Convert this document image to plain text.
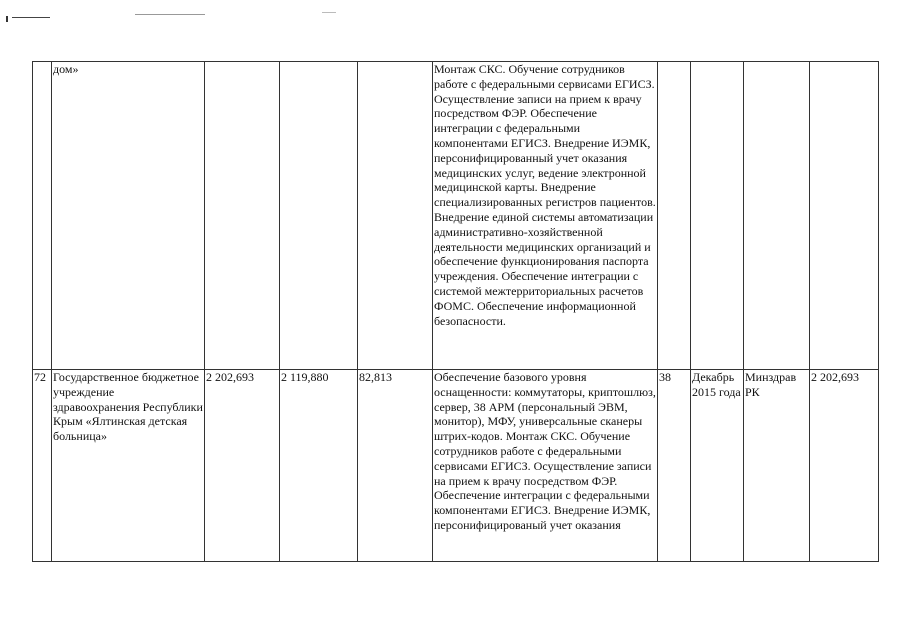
	дом»				Монтаж СКС. Обучение сотрудников работе с федеральными сервисами ЕГИСЗ. Осуществление записи на прием к врачу посредством ФЭР. Обеспечение интеграции с федеральными компонентами ЕГИСЗ. Внедрение ИЭМК, персонифицированный учет оказания медицинских услуг, ведение электронной медицинской карты. Внедрение специализированных регистров пациентов. Внедрение единой системы автоматизации административно-хозяйственной деятельности медицинских организаций и обеспечение функционирования паспорта учреждения. Обеспечение интеграции с системой межтерриториальных расчетов ФОМС. Обеспечение информационной безопасности.				
72	Государственное бюджетное учреждение здравоохранения Республики Крым «Ялтинская детская больница»	2 202,693	2 119,880	82,813	Обеспечение базового уровня оснащенности: коммутаторы, криптошлюз, сервер, 38 АРМ (персональный ЭВМ, монитор), МФУ, универсальные сканеры штрих-кодов. Монтаж СКС. Обучение сотрудников работе с федеральными сервисами ЕГИСЗ. Осуществление записи на прием к врачу посредством ФЭР. Обеспечение интеграции с федеральными компонентами ЕГИСЗ. Внедрение ИЭМК, персонифицированый учет оказания	38	Декабрь 2015 года	Минздрав РК	2 202,693
